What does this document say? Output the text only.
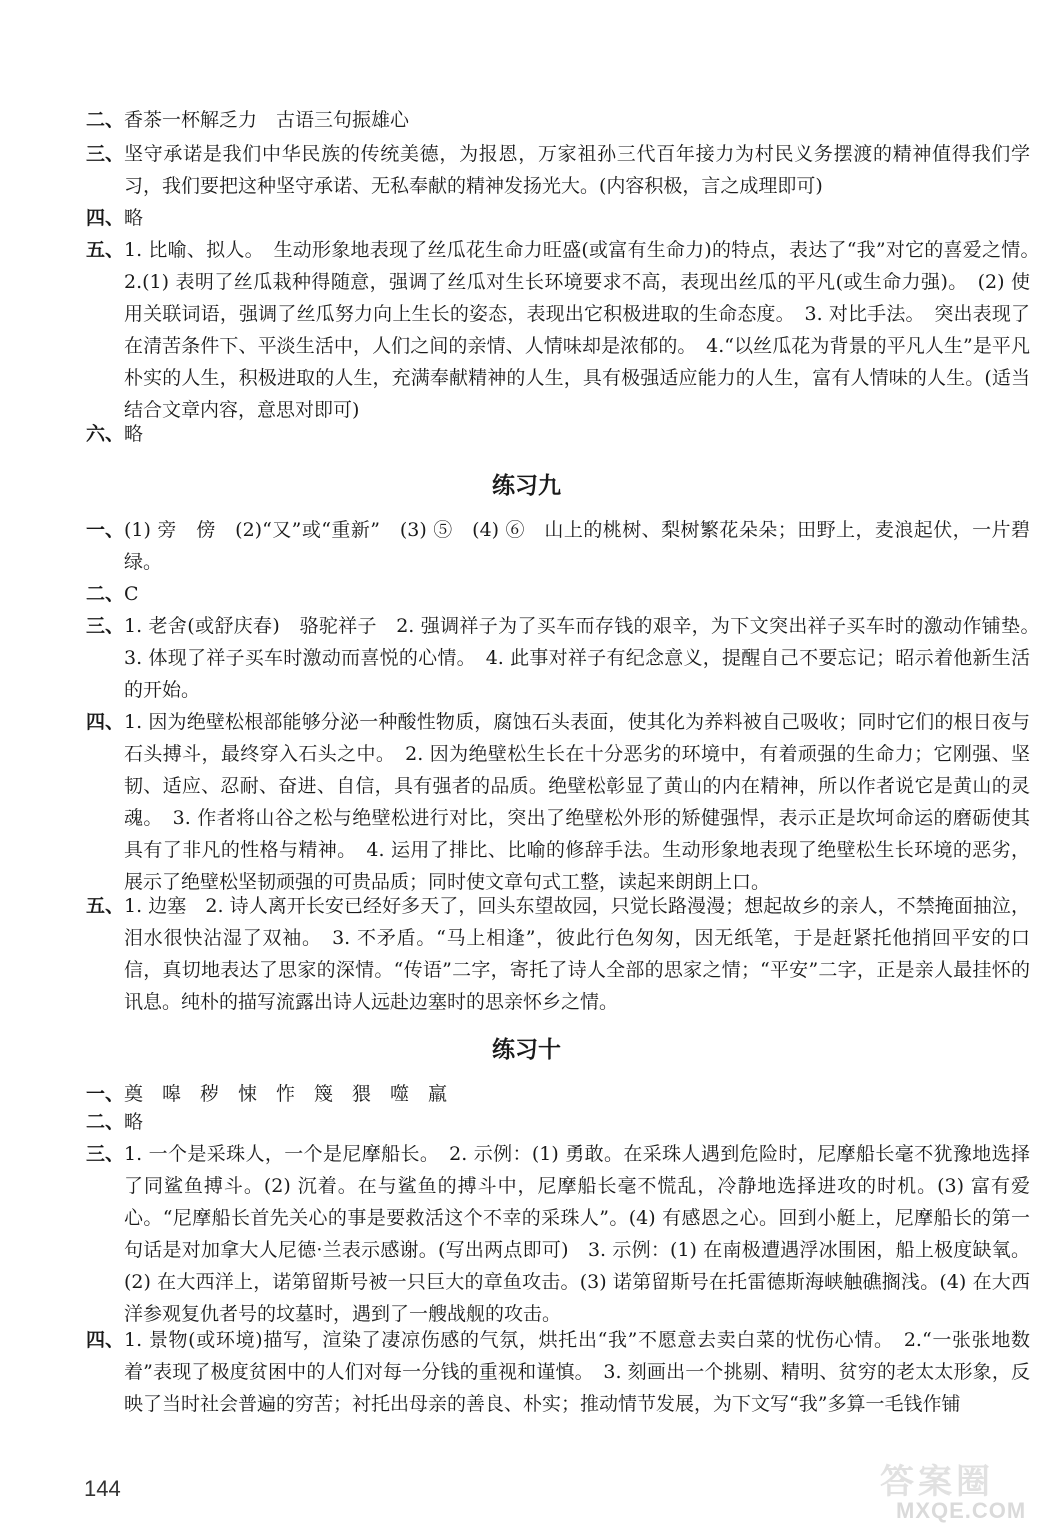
二、 香茶一杯解乏力　古语三句振雄心
三、 坚守承诺是我们中华民族的传统美德，为报恩，万家祖孙三代百年接力为村民义务摆渡的精神值得我们学习，我们要把这种坚守承诺、无私奉献的精神发扬光大。(内容积极，言之成理即可)
四、 略
五、 1. 比喻、拟人。　生动形象地表现了丝瓜花生命力旺盛(或富有生命力)的特点，表达了“我”对它的喜爱之情。　2.(1) 表明了丝瓜栽种得随意，强调了丝瓜对生长环境要求不高，表现出丝瓜的平凡(或生命力强)。　(2) 使用关联词语，强调了丝瓜努力向上生长的姿态，表现出它积极进取的生命态度。　3. 对比手法。　突出表现了在清苦条件下、平淡生活中，人们之间的亲情、人情味却是浓郁的。　4.“以丝瓜花为背景的平凡人生”是平凡朴实的人生，积极进取的人生，充满奉献精神的人生，具有极强适应能力的人生，富有人情味的人生。(适当结合文章内容，意思对即可)
六、 略
练习九
一、 (1) 旁　傍　(2)“又”或“重新”　(3) ⑤　(4) ⑥　山上的桃树、梨树繁花朵朵；田野上，麦浪起伏，一片碧绿。
二、 C
三、 1. 老舍(或舒庆春)　骆驼祥子　2. 强调祥子为了买车而存钱的艰辛，为下文突出祥子买车时的激动作铺垫。　3. 体现了祥子买车时激动而喜悦的心情。　4. 此事对祥子有纪念意义，提醒自己不要忘记；昭示着他新生活的开始。
四、 1. 因为绝壁松根部能够分泌一种酸性物质，腐蚀石头表面，使其化为养料被自己吸收；同时它们的根日夜与石头搏斗，最终穿入石头之中。　2. 因为绝壁松生长在十分恶劣的环境中，有着顽强的生命力；它刚强、坚韧、适应、忍耐、奋进、自信，具有强者的品质。绝壁松彰显了黄山的内在精神，所以作者说它是黄山的灵魂。　3. 作者将山谷之松与绝壁松进行对比，突出了绝壁松外形的矫健强悍，表示正是坎坷命运的磨砺使其具有了非凡的性格与精神。　4. 运用了排比、比喻的修辞手法。生动形象地表现了绝壁松生长环境的恶劣，展示了绝壁松坚韧顽强的可贵品质；同时使文章句式工整，读起来朗朗上口。
五、 1. 边塞　2. 诗人离开长安已经好多天了，回头东望故园，只觉长路漫漫；想起故乡的亲人，不禁掩面抽泣，泪水很快沾湿了双袖。　3. 不矛盾。“马上相逢”，彼此行色匆匆，因无纸笔，于是赶紧托他捎回平安的口信，真切地表达了思家的深情。“传语”二字，寄托了诗人全部的思家之情；“平安”二字，正是亲人最挂怀的讯息。纯朴的描写流露出诗人远赴边塞时的思亲怀乡之情。
练习十
一、 奠　嗥　秽　悚　怍　篾　猥　噬　羸
二、 略
三、 1. 一个是采珠人，一个是尼摩船长。　2. 示例：(1) 勇敢。在采珠人遇到危险时，尼摩船长毫不犹豫地选择了同鲨鱼搏斗。(2) 沉着。在与鲨鱼的搏斗中，尼摩船长毫不慌乱，冷静地选择进攻的时机。(3) 富有爱心。“尼摩船长首先关心的事是要救活这个不幸的采珠人”。(4) 有感恩之心。回到小艇上，尼摩船长的第一句话是对加拿大人尼德·兰表示感谢。(写出两点即可)　3. 示例：(1) 在南极遭遇浮冰围困，船上极度缺氧。(2) 在大西洋上，诺第留斯号被一只巨大的章鱼攻击。(3) 诺第留斯号在托雷德斯海峡触礁搁浅。(4) 在大西洋参观复仇者号的坟墓时，遇到了一艘战舰的攻击。
四、 1. 景物(或环境)描写，渲染了凄凉伤感的气氛，烘托出“我”不愿意去卖白菜的忧伤心情。　2.“一张张地数着”表现了极度贫困中的人们对每一分钱的重视和谨慎。　3. 刻画出一个挑剔、精明、贫穷的老太太形象，反映了当时社会普遍的穷苦；衬托出母亲的善良、朴实；推动情节发展，为下文写“我”多算一毛钱作铺
144	答案圈
MXQE.COM
